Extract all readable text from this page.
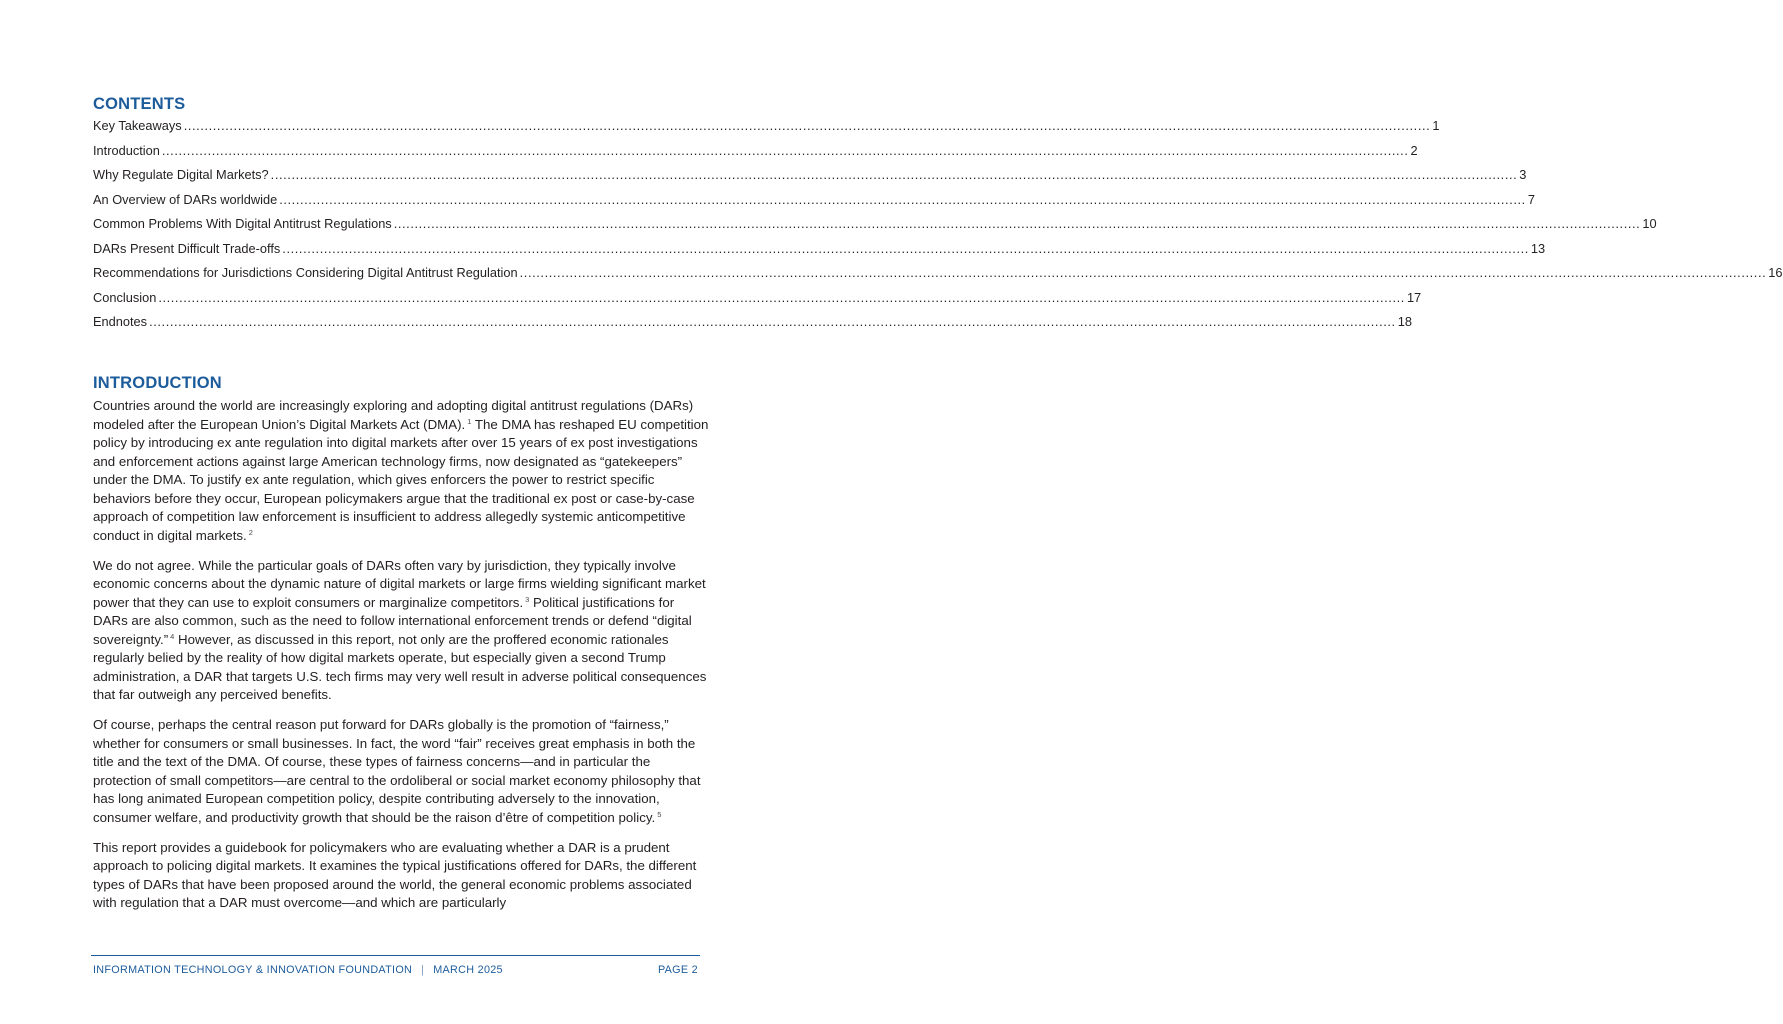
CONTENTS
Key Takeaways ............................................................................................................................................................................................................................................................................................................ 1
Introduction ............................................................................................................................................................................................................................................................................................................ 2
Why Regulate Digital Markets? ............................................................................................................................................................................................................................................................................................................ 3
An Overview of DARs worldwide ............................................................................................................................................................................................................................................................................................................ 7
Common Problems With Digital Antitrust Regulations ............................................................................................................................................................................................................................................................................................................ 10
DARs Present Difficult Trade-offs ............................................................................................................................................................................................................................................................................................................ 13
Recommendations for Jurisdictions Considering Digital Antitrust Regulation ............................................................................................................................................................................................................................................................................................................ 16
Conclusion ............................................................................................................................................................................................................................................................................................................ 17
Endnotes ............................................................................................................................................................................................................................................................................................................ 18
INTRODUCTION

Countries around the world are increasingly exploring and adopting digital antitrust regulations (DARs) modeled after the European Union’s Digital Markets Act (DMA). $^1$ The DMA has reshaped EU competition policy by introducing ex ante regulation into digital markets after over 15 years of ex post investigations and enforcement actions against large American technology firms, now designated as “gatekeepers” under the DMA. To justify ex ante regulation, which gives enforcers the power to restrict specific behaviors before they occur, European policymakers argue that the traditional ex post or case-by-case approach of competition law enforcement is insufficient to address allegedly systemic anticompetitive conduct in digital markets. $^2$

We do not agree. While the particular goals of DARs often vary by jurisdiction, they typically involve economic concerns about the dynamic nature of digital markets or large firms wielding significant market power that they can use to exploit consumers or marginalize competitors. $^3$ Political justifications for DARs are also common, such as the need to follow international enforcement trends or defend “digital sovereignty.” $^4$ However, as discussed in this report, not only are the proffered economic rationales regularly belied by the reality of how digital markets operate, but especially given a second Trump administration, a DAR that targets U.S. tech firms may very well result in adverse political consequences that far outweigh any perceived benefits.

Of course, perhaps the central reason put forward for DARs globally is the promotion of “fairness,” whether for consumers or small businesses. In fact, the word “fair” receives great emphasis in both the title and the text of the DMA. Of course, these types of fairness concerns—and in particular the protection of small competitors—are central to the ordoliberal or social market economy philosophy that has long animated European competition policy, despite contributing adversely to the innovation, consumer welfare, and productivity growth that should be the raison d’être of competition policy. $^5$

This report provides a guidebook for policymakers who are evaluating whether a DAR is a prudent approach to policing digital markets. It examines the typical justifications offered for DARs, the different types of DARs that have been proposed around the world, the general economic problems associated with regulation that a DAR must overcome—and which are particularly

INFORMATION TECHNOLOGY & INNOVATION FOUNDATION | MARCH 2025	PAGE 2
